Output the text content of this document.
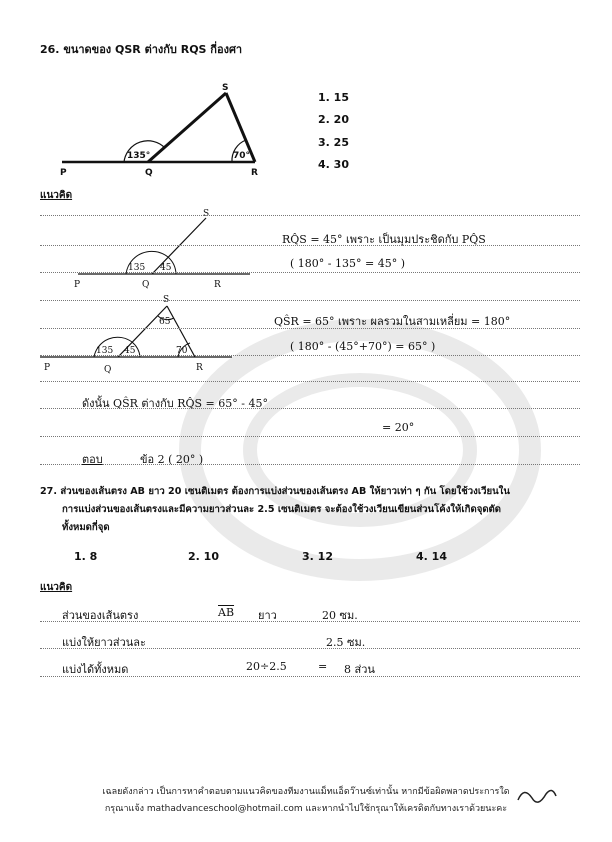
26. ขนาดของ QSR ต่างกับ RQS กี่องศา
P	Q	R
S
135°	70°
P	Q	R
S
135 45
P	Q	R
S
135 45	70
65
1. 15
2. 20
3. 25
4. 30
แนวคิด
RQ̂S = 45° เพราะ เป็นมุมประชิดกับ PQ̂S
( 180° - 135° = 45° )
QŜR = 65° เพราะ ผลรวมในสามเหลี่ยม = 180°
( 180° - (45°+70°) = 65° )
ดังนั้น QŜR ต่างกับ RQ̂S = 65° - 45°
= 20°
ตอบ	ข้อ 2 ( 20° )
27. ส่วนของเส้นตรง AB ยาว 20 เซนติเมตร ต้องการแบ่งส่วนของเส้นตรง AB ให้ยาวเท่า ๆ กัน โดยใช้วงเวียนใน
การแบ่งส่วนของเส้นตรงและมีความยาวส่วนละ 2.5 เซนติเมตร จะต้องใช้วงเวียนเขียนส่วนโค้งให้เกิดจุดตัด
ทั้งหมดกี่จุด
1. 8	2. 10	3. 12	4. 14
แนวคิด
ส่วนของเส้นตรง	$\overline{AB}$ ยาว	20 ซม.
แบ่งให้ยาวส่วนละ	2.5 ซม.
แบ่งได้ทั้งหมด	20÷2.5	= 8 ส่วน
เฉลยดังกล่าว เป็นการหาคำตอบตามแนวคิดของทีมงานแม็ทแอ็ดว๊านซ์เท่านั้น หากมีข้อผิดพลาดประการใด
กรุณาแจ้ง mathadvanceschool@hotmail.com และหากนำไปใช้กรุณาให้เครดิตกับทางเราด้วยนะคะ
